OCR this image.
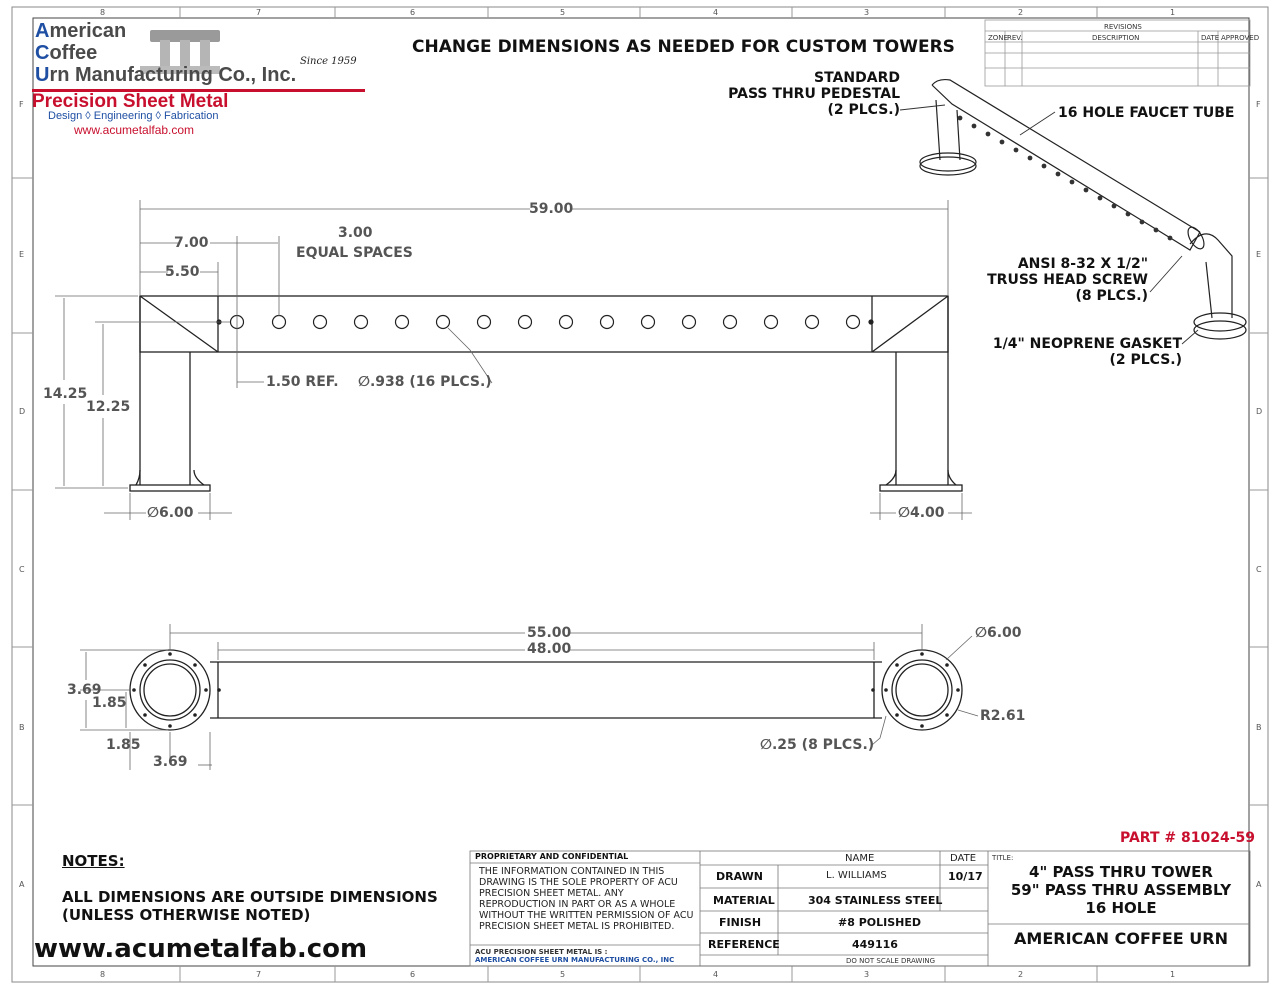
American
Coffee
Urn Manufacturing Co., Inc.
Since 1959
Precision Sheet Metal
Design ◊ Engineering ◊ Fabrication
www.acumetalfab.com
CHANGE DIMENSIONS AS NEEDED FOR CUSTOM TOWERS
STANDARD
PASS THRU PEDESTAL
(2 PLCS.)	16 HOLE FAUCET TUBE
ANSI 8-32 X 1/2"
TRUSS HEAD SCREW
(8 PLCS.)
1/4" NEOPRENE GASKET
(2 PLCS.)
59.00
7.00
3.00
EQUAL SPACES
5.50
14.25
12.25
1.50 REF. ∅.938 (16 PLCS.)
∅6.00	∅4.00
55.00
48.00
∅6.00
3.69
1.85
1.85
3.69
R2.61
∅.25 (8 PLCS.)
REVISIONS
ZONE REV.	DESCRIPTION	DATE APPROVED
NOTES:
ALL DIMENSIONS ARE OUTSIDE DIMENSIONS
(UNLESS OTHERWISE NOTED)
www.acumetalfab.com
PART # 81024-59
PROPRIETARY AND CONFIDENTIAL
THE INFORMATION CONTAINED IN THIS DRAWING IS THE SOLE PROPERTY OF ACU PRECISION SHEET METAL. ANY REPRODUCTION IN PART OR AS A WHOLE WITHOUT THE WRITTEN PERMISSION OF ACU PRECISION SHEET METAL IS PROHIBITED.
ACU PRECISION SHEET METAL IS :
AMERICAN COFFEE URN MANUFACTURING CO., INC
NAME	DATE
DRAWN	L. WILLIAMS	10/17
MATERIAL	304 STAINLESS STEEL
FINISH	#8 POLISHED
REFERENCE	449116
DO NOT SCALE DRAWING
TITLE:
4" PASS THRU TOWER
59" PASS THRU ASSEMBLY
16 HOLE
AMERICAN COFFEE URN
8	7	6	5	4	3	2	1
8	7	6	5	4	3	2	1
F
E
D
C
B
A
F
E
D
C
B
A
